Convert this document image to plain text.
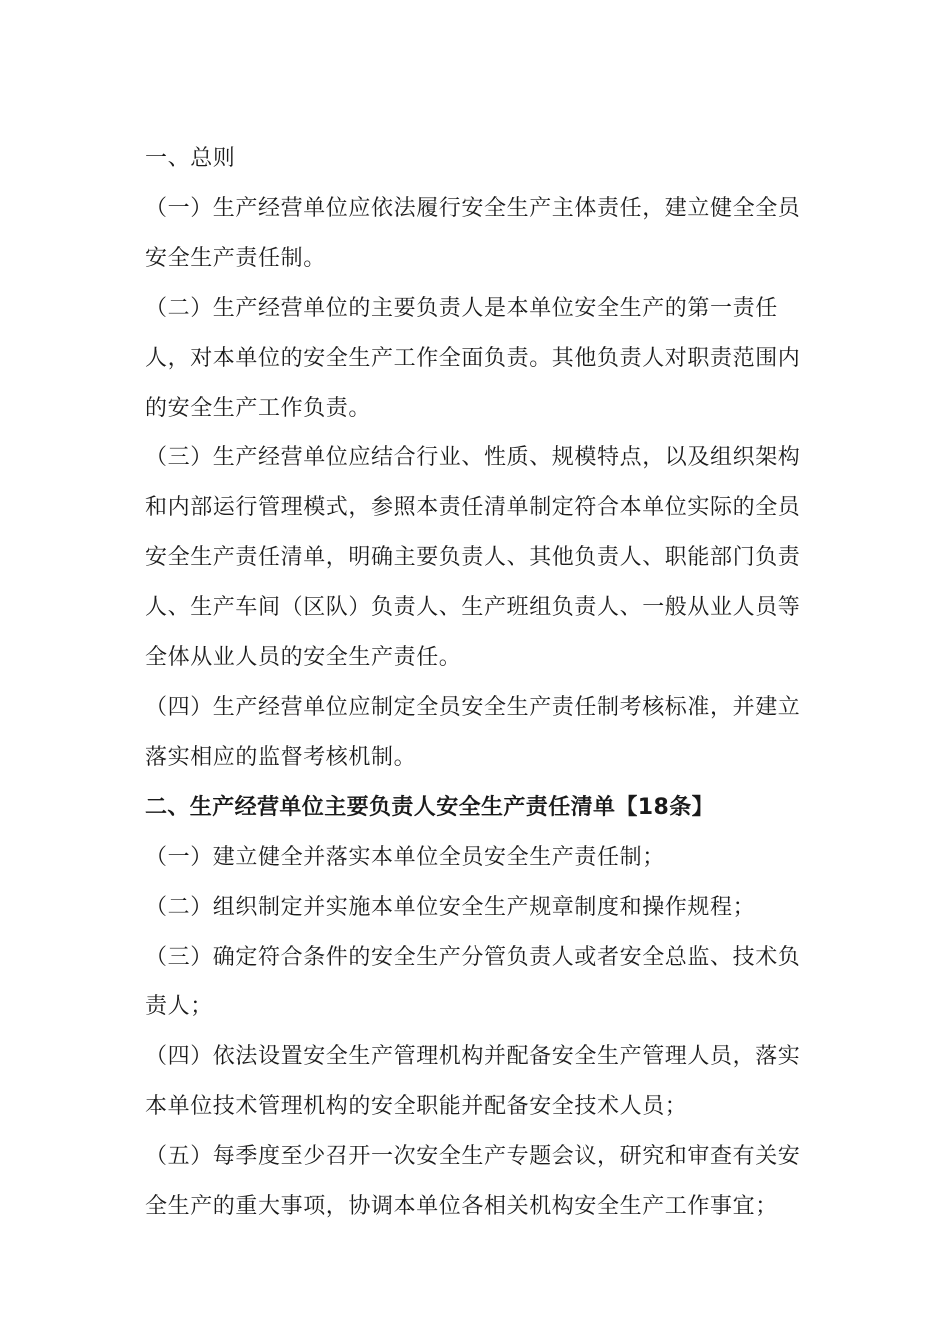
一、总则

（一）生产经营单位应依法履行安全生产主体责任，建立健全全员安全生产责任制。

（二）生产经营单位的主要负责人是本单位安全生产的第一责任人，对本单位的安全生产工作全面负责。其他负责人对职责范围内的安全生产工作负责。

（三）生产经营单位应结合行业、性质、规模特点，以及组织架构和内部运行管理模式，参照本责任清单制定符合本单位实际的全员安全生产责任清单，明确主要负责人、其他负责人、职能部门负责人、生产车间（区队）负责人、生产班组负责人、一般从业人员等全体从业人员的安全生产责任。

（四）生产经营单位应制定全员安全生产责任制考核标准，并建立落实相应的监督考核机制。

二、生产经营单位主要负责人安全生产责任清单【18条】

（一）建立健全并落实本单位全员安全生产责任制；

（二）组织制定并实施本单位安全生产规章制度和操作规程；

（三）确定符合条件的安全生产分管负责人或者安全总监、技术负责人；

（四）依法设置安全生产管理机构并配备安全生产管理人员，落实本单位技术管理机构的安全职能并配备安全技术人员；

（五）每季度至少召开一次安全生产专题会议，研究和审查有关安全生产的重大事项，协调本单位各相关机构安全生产工作事宜；
